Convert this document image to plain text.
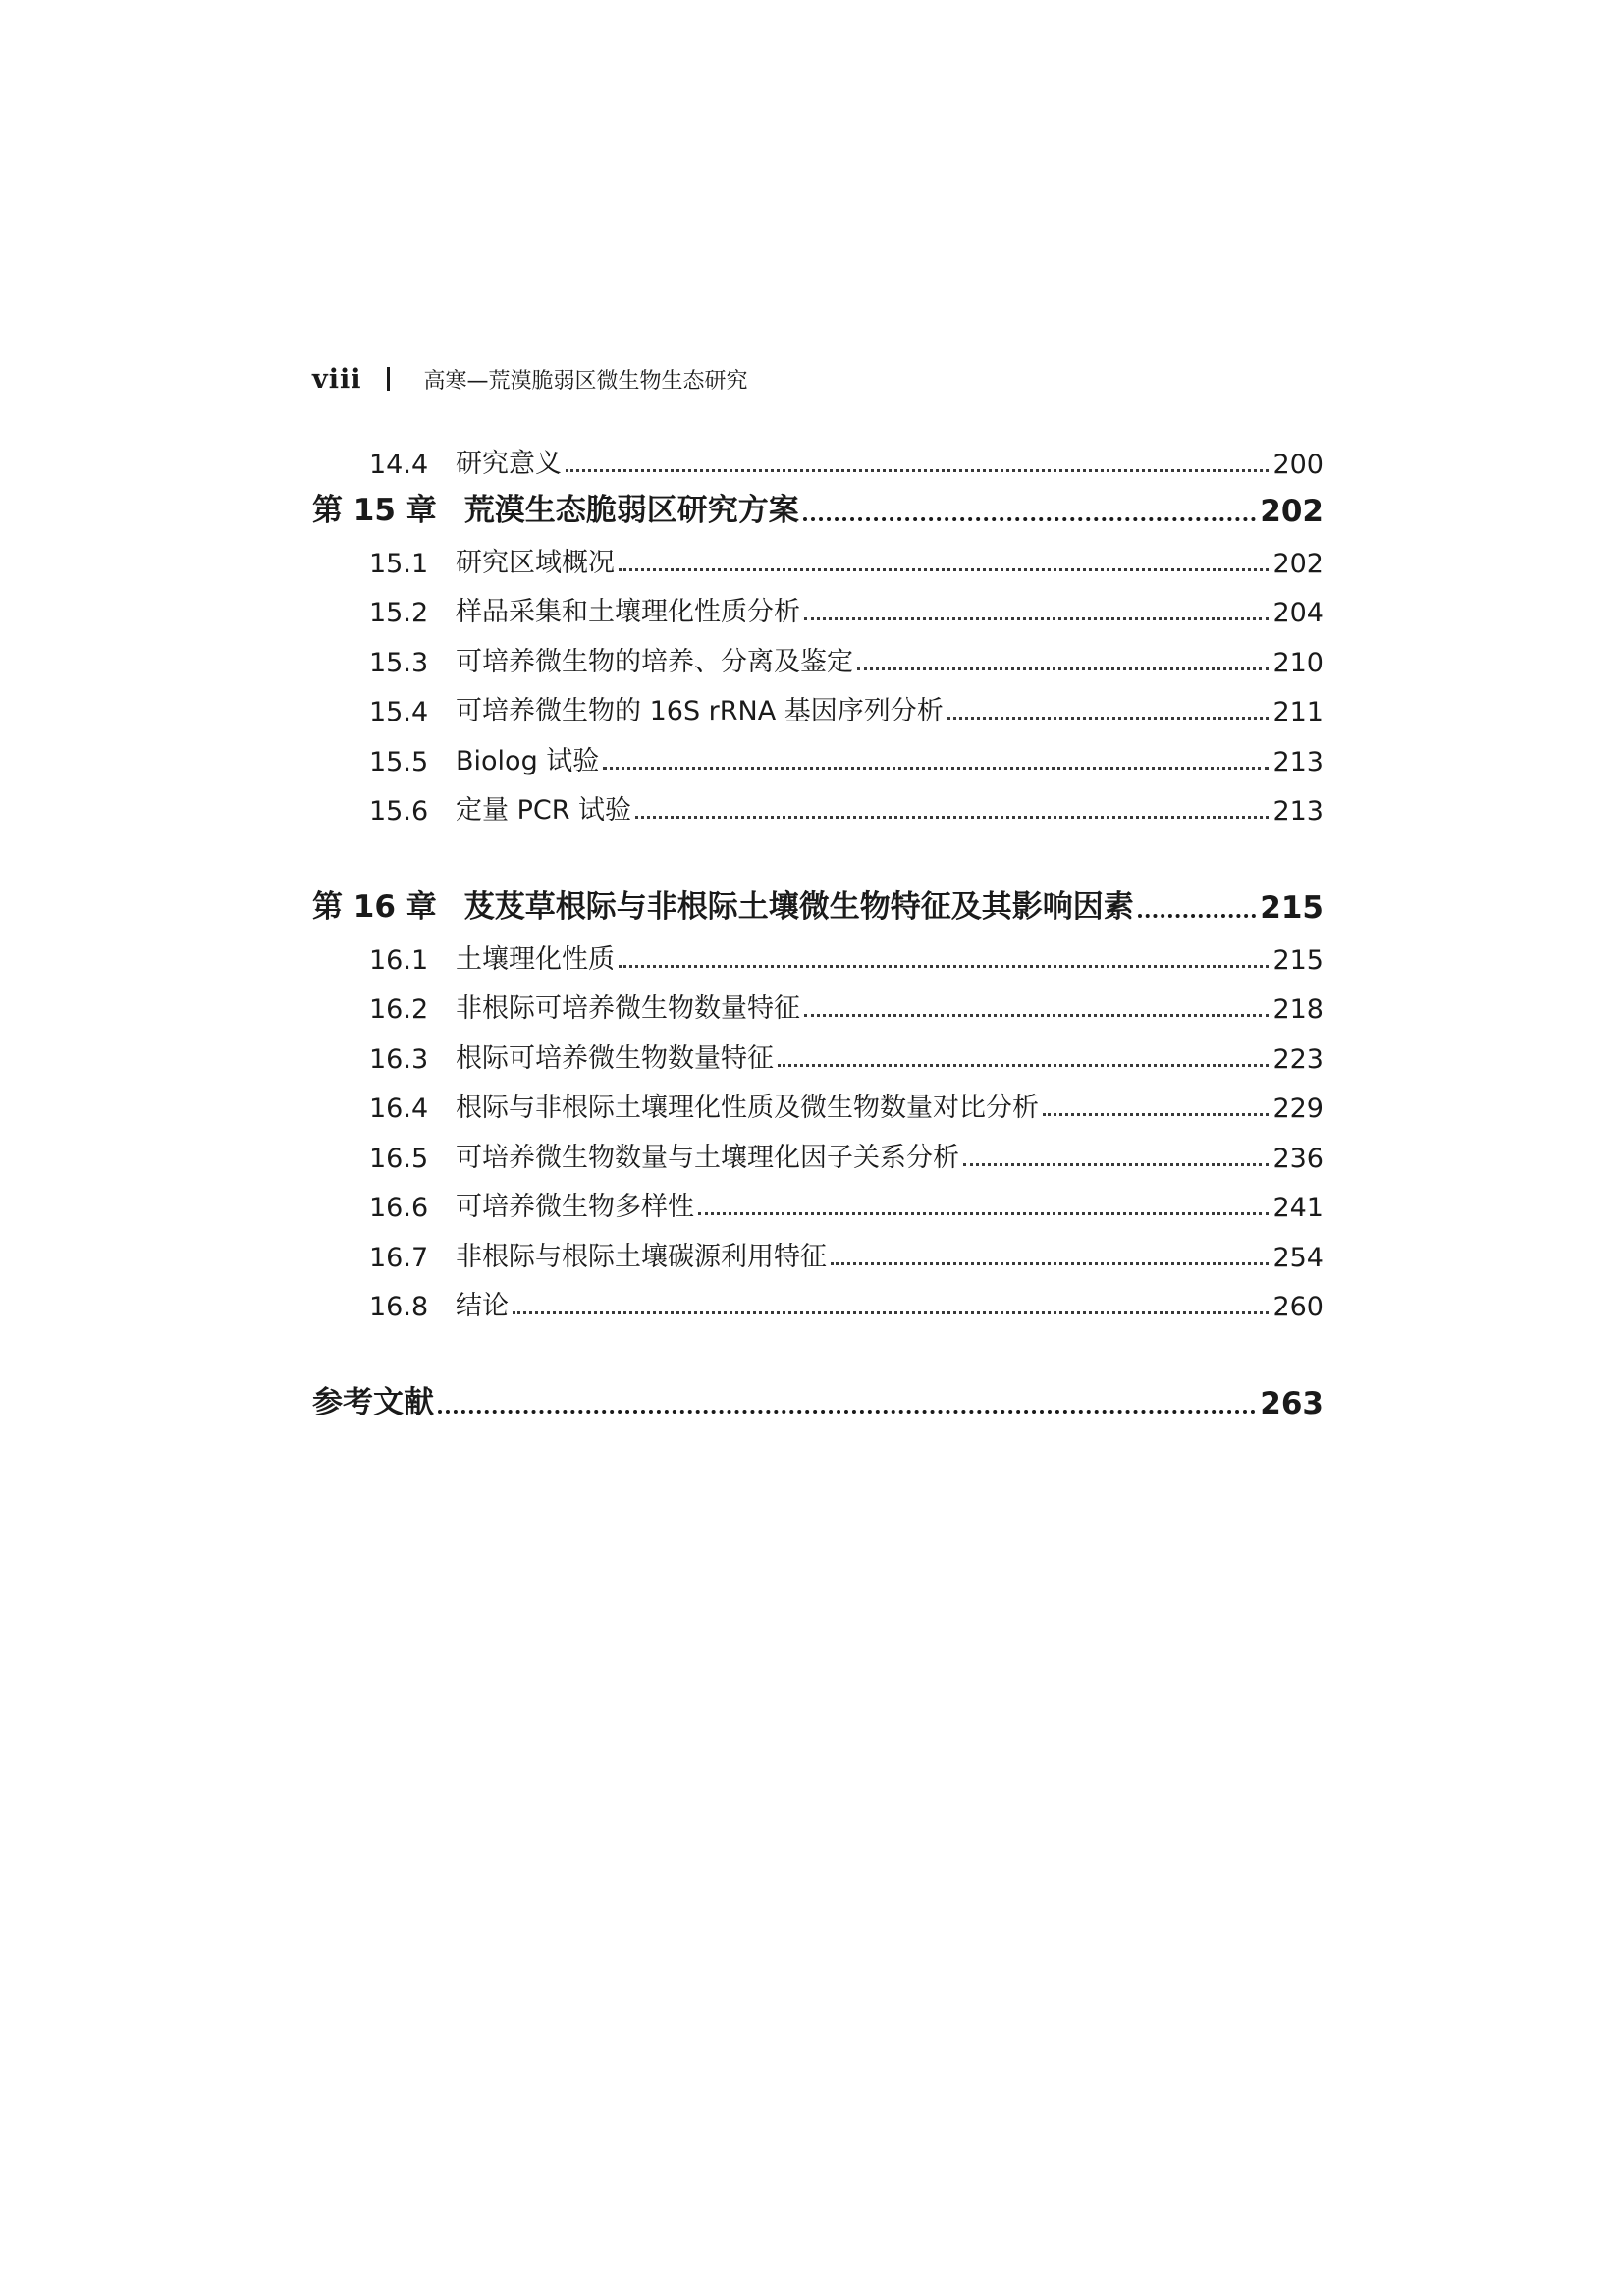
viii	高寒—荒漠脆弱区微生物生态研究
14.4	研究意义	200
第 15 章 荒漠生态脆弱区研究方案	202
15.1	研究区域概况	202
15.2	样品采集和土壤理化性质分析	204
15.3	可培养微生物的培养、分离及鉴定	210
15.4	可培养微生物的 16S rRNA 基因序列分析	211
15.5	Biolog 试验	213
15.6	定量 PCR 试验	213
第 16 章 芨芨草根际与非根际土壤微生物特征及其影响因素	215
16.1	土壤理化性质	215
16.2	非根际可培养微生物数量特征	218
16.3	根际可培养微生物数量特征	223
16.4	根际与非根际土壤理化性质及微生物数量对比分析	229
16.5	可培养微生物数量与土壤理化因子关系分析	236
16.6	可培养微生物多样性	241
16.7	非根际与根际土壤碳源利用特征	254
16.8	结论	260
参考文献	263
